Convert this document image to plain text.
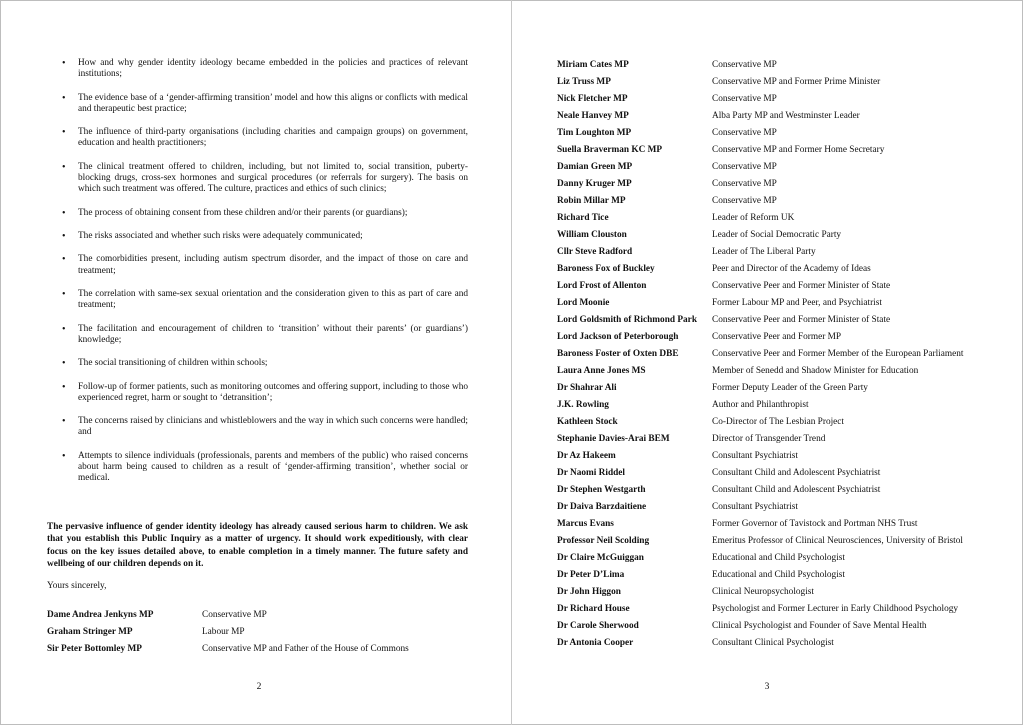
• How and why gender identity ideology became embedded in the policies and practices of relevant institutions;
• The evidence base of a ‘gender-affirming transition’ model and how this aligns or conflicts with medical and therapeutic best practice;
• The influence of third-party organisations (including charities and campaign groups) on government, education and health practitioners;
• The clinical treatment offered to children, including, but not limited to, social transition, puberty-blocking drugs, cross-sex hormones and surgical procedures (or referrals for surgery). The basis on which such treatment was offered. The culture, practices and ethics of such clinics;
• The process of obtaining consent from these children and/or their parents (or guardians);
• The risks associated and whether such risks were adequately communicated;
• The comorbidities present, including autism spectrum disorder, and the impact of those on care and treatment;
• The correlation with same-sex sexual orientation and the consideration given to this as part of care and treatment;
• The facilitation and encouragement of children to ‘transition’ without their parents’ (or guardians’) knowledge;
• The social transitioning of children within schools;
• Follow-up of former patients, such as monitoring outcomes and offering support, including to those who experienced regret, harm or sought to ‘detransition’;
• The concerns raised by clinicians and whistleblowers and the way in which such concerns were handled; and
• Attempts to silence individuals (professionals, parents and members of the public) who raised concerns about harm being caused to children as a result of ‘gender-affirming transition’, whether social or medical.

The pervasive influence of gender identity ideology has already caused serious harm to children. We ask that you establish this Public Inquiry as a matter of urgency. It should work expeditiously, with clear focus on the key issues detailed above, to enable completion in a timely manner. The future safety and wellbeing of our children depends on it.

Yours sincerely,

Dame Andrea Jenkyns MP	Conservative MP
Graham Stringer MP	Labour MP
Sir Peter Bottomley MP	Conservative MP and Father of the House of Commons
2
Miriam Cates MP	Conservative MP
Liz Truss MP	Conservative MP and Former Prime Minister
Nick Fletcher MP	Conservative MP
Neale Hanvey MP	Alba Party MP and Westminster Leader
Tim Loughton MP	Conservative MP
Suella Braverman KC MP	Conservative MP and Former Home Secretary
Damian Green MP	Conservative MP
Danny Kruger MP	Conservative MP
Robin Millar MP	Conservative MP
Richard Tice	Leader of Reform UK
William Clouston	Leader of Social Democratic Party
Cllr Steve Radford	Leader of The Liberal Party
Baroness Fox of Buckley	Peer and Director of the Academy of Ideas
Lord Frost of Allenton	Conservative Peer and Former Minister of State
Lord Moonie	Former Labour MP and Peer, and Psychiatrist
Lord Goldsmith of Richmond Park	Conservative Peer and Former Minister of State
Lord Jackson of Peterborough	Conservative Peer and Former MP
Baroness Foster of Oxten DBE	Conservative Peer and Former Member of the European Parliament
Laura Anne Jones MS	Member of Senedd and Shadow Minister for Education
Dr Shahrar Ali	Former Deputy Leader of the Green Party
J.K. Rowling	Author and Philanthropist
Kathleen Stock	Co-Director of The Lesbian Project
Stephanie Davies-Arai BEM	Director of Transgender Trend
Dr Az Hakeem	Consultant Psychiatrist
Dr Naomi Riddel	Consultant Child and Adolescent Psychiatrist
Dr Stephen Westgarth	Consultant Child and Adolescent Psychiatrist
Dr Daiva Barzdaitiene	Consultant Psychiatrist
Marcus Evans	Former Governor of Tavistock and Portman NHS Trust
Professor Neil Scolding	Emeritus Professor of Clinical Neurosciences, University of Bristol
Dr Claire McGuiggan	Educational and Child Psychologist
Dr Peter D’Lima	Educational and Child Psychologist
Dr John Higgon	Clinical Neuropsychologist
Dr Richard House	Psychologist and Former Lecturer in Early Childhood Psychology
Dr Carole Sherwood	Clinical Psychologist and Founder of Save Mental Health
Dr Antonia Cooper	Consultant Clinical Psychologist
3
